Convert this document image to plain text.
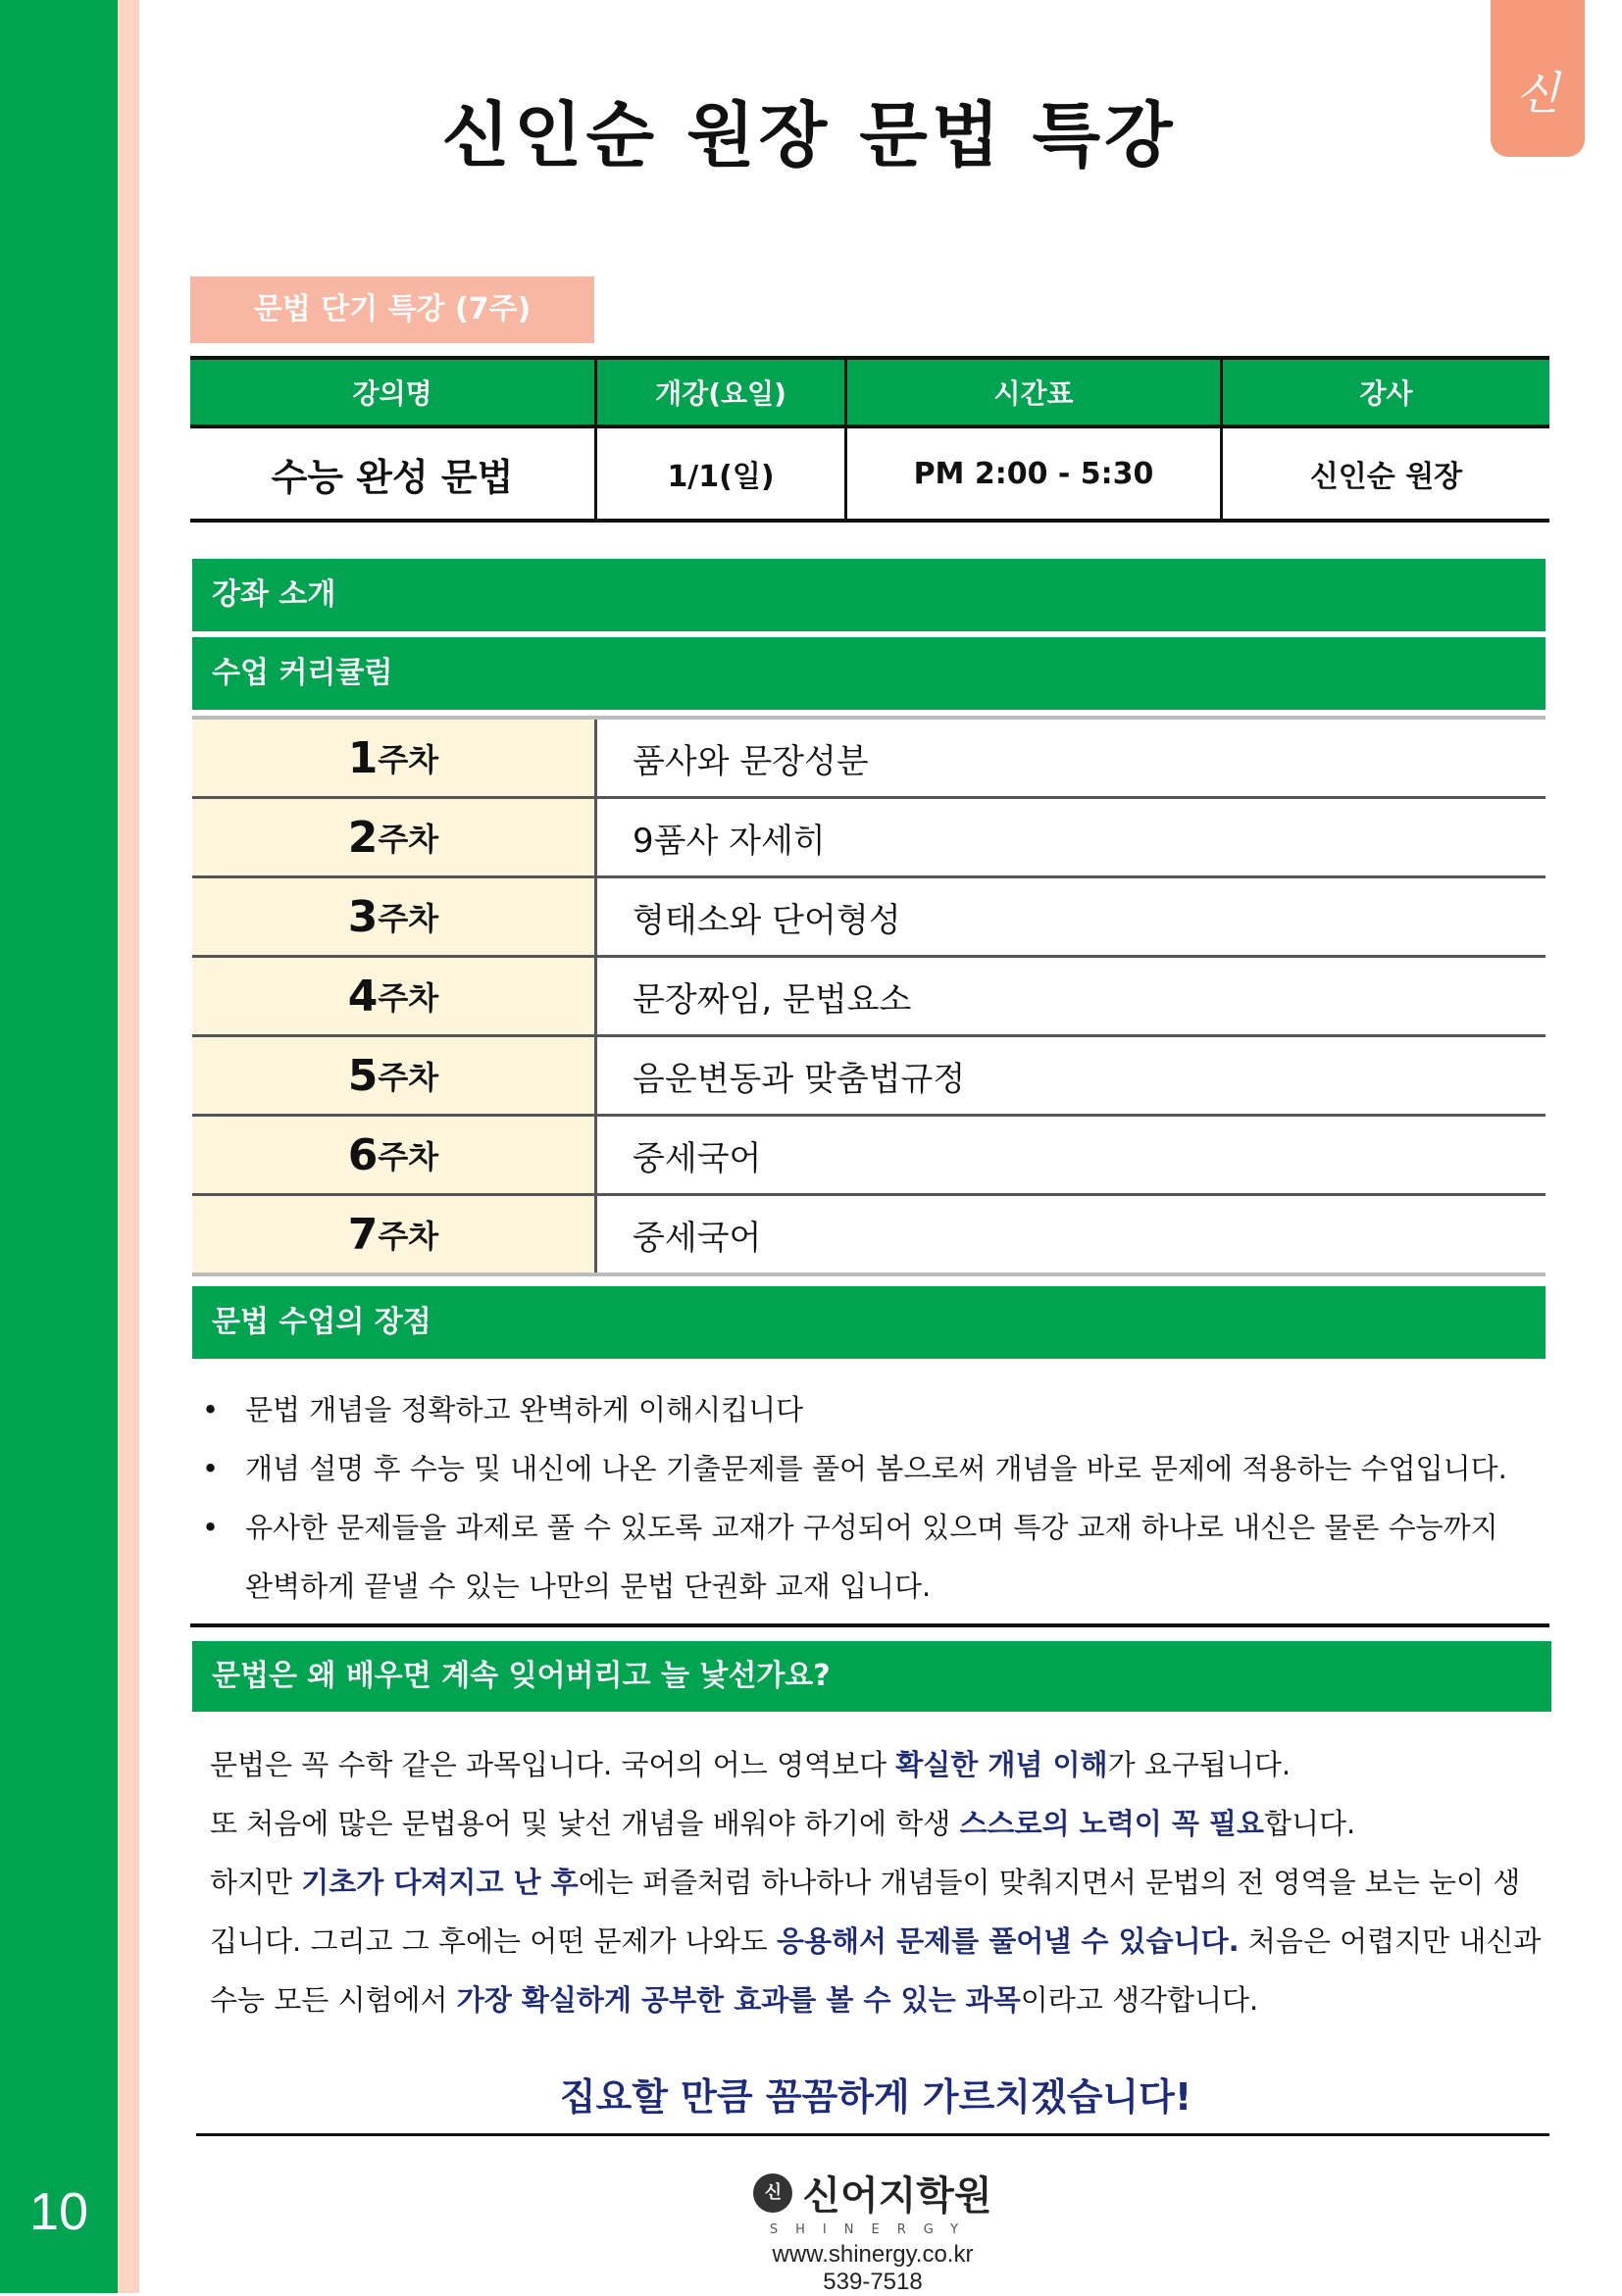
10
신
신인순 원장 문법 특강
문법 단기 특강 (7주)
강의명	개강(요일)	시간표	강사
수능 완성 문법	1/1(일)	PM 2:00 - 5:30	신인순 원장
강좌 소개
수업 커리큘럼
1 주차	품사와 문장성분
2 주차	9품사 자세히
3 주차	형태소와 단어형성
4 주차	문장짜임, 문법요소
5 주차	음운변동과 맞춤법규정
6 주차	중세국어
7 주차	중세국어
문법 수업의 장점
• 문법 개념을 정확하고 완벽하게 이해시킵니다
• 개념 설명 후 수능 및 내신에 나온 기출문제를 풀어 봄으로써 개념을 바로 문제에 적용하는 수업입니다.
• 유사한 문제들을 과제로 풀 수 있도록 교재가 구성되어 있으며 특강 교재 하나로 내신은 물론 수능까지
완벽하게 끝낼 수 있는 나만의 문법 단권화 교재 입니다.
문법은 왜 배우면 계속 잊어버리고 늘 낯선가요?
문법은 꼭 수학 같은 과목입니다. 국어의 어느 영역보다 확실한 개념 이해가 요구됩니다.
또 처음에 많은 문법용어 및 낯선 개념을 배워야 하기에 학생 스스로의 노력이 꼭 필요합니다.
하지만 기초가 다져지고 난 후에는 퍼즐처럼 하나하나 개념들이 맞춰지면서 문법의 전 영역을 보는 눈이 생
깁니다. 그리고 그 후에는 어떤 문제가 나와도 응용해서 문제를 풀어낼 수 있습니다. 처음은 어렵지만 내신과
수능 모든 시험에서 가장 확실하게 공부한 효과를 볼 수 있는 과목이라고 생각합니다.
집요할 만큼 꼼꼼하게 가르치겠습니다!
신 신어지학원
SHINERGY
www.shinergy.co.kr
539-7518
